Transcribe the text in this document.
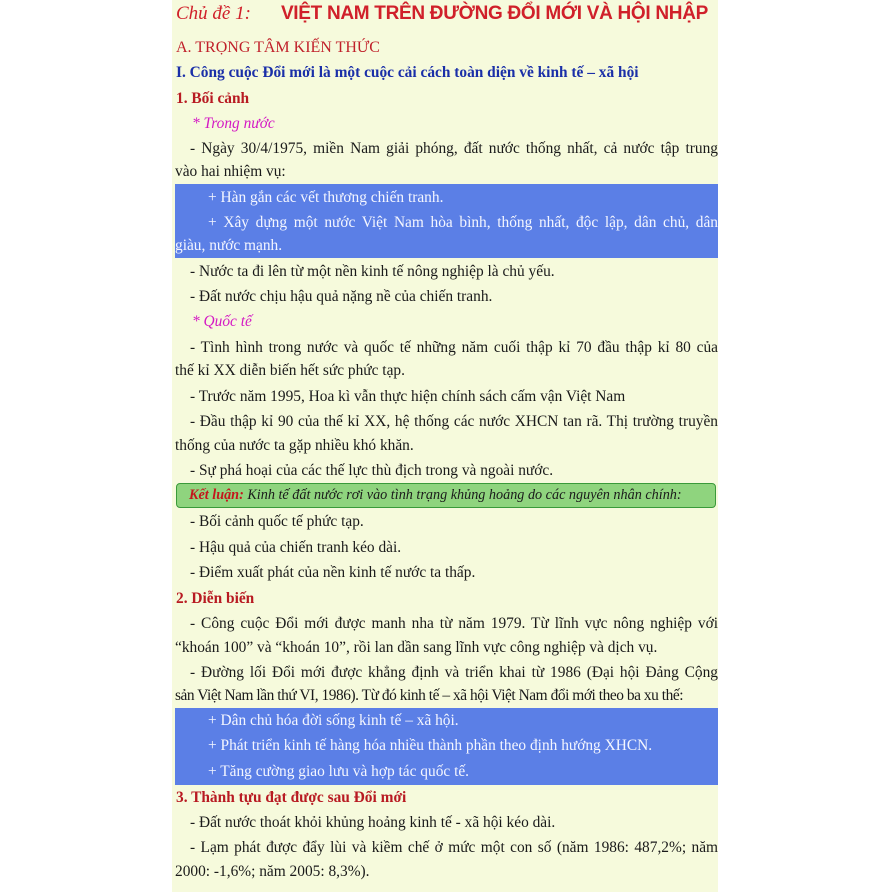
Chủ đề 1: VIỆT NAM TRÊN ĐƯỜNG ĐỔI MỚI VÀ HỘI NHẬP
A. TRỌNG TÂM KIẾN THỨC
I. Công cuộc Đổi mới là một cuộc cải cách toàn diện về kinh tế – xã hội
1. Bối cảnh
* Trong nước
- Ngày 30/4/1975, miền Nam giải phóng, đất nước thống nhất, cả nước tập trung
vào hai nhiệm vụ:
+ Hàn gắn các vết thương chiến tranh.
+ Xây dựng một nước Việt Nam hòa bình, thống nhất, độc lập, dân chủ, dân
giàu, nước mạnh.
- Nước ta đi lên từ một nền kinh tế nông nghiệp là chủ yếu.
- Đất nước chịu hậu quả nặng nề của chiến tranh.
* Quốc tế
- Tình hình trong nước và quốc tế những năm cuối thập kỉ 70 đầu thập kỉ 80 của
thế kỉ XX diễn biến hết sức phức tạp.
- Trước năm 1995, Hoa kì vẫn thực hiện chính sách cấm vận Việt Nam
- Đầu thập kỉ 90 của thế kỉ XX, hệ thống các nước XHCN tan rã. Thị trường truyền
thống của nước ta gặp nhiều khó khăn.
- Sự phá hoại của các thế lực thù địch trong và ngoài nước.
Kết luận: Kinh tế đất nước rơi vào tình trạng khủng hoảng do các nguyên nhân chính:
- Bối cảnh quốc tế phức tạp.
- Hậu quả của chiến tranh kéo dài.
- Điểm xuất phát của nền kinh tế nước ta thấp.
2. Diễn biến
- Công cuộc Đổi mới được manh nha từ năm 1979. Từ lĩnh vực nông nghiệp với
“khoán 100” và “khoán 10”, rồi lan dần sang lĩnh vực công nghiệp và dịch vụ.
- Đường lối Đổi mới được khẳng định và triển khai từ 1986 (Đại hội Đảng Cộng
sản Việt Nam lần thứ VI, 1986). Từ đó kinh tế – xã hội Việt Nam đổi mới theo ba xu thế:
+ Dân chủ hóa đời sống kinh tế – xã hội.
+ Phát triển kinh tế hàng hóa nhiều thành phần theo định hướng XHCN.
+ Tăng cường giao lưu và hợp tác quốc tế.
3. Thành tựu đạt được sau Đổi mới
- Đất nước thoát khỏi khủng hoảng kinh tế - xã hội kéo dài.
- Lạm phát được đẩy lùi và kiềm chế ở mức một con số (năm 1986: 487,2%; năm
2000: -1,6%; năm 2005: 8,3%).
